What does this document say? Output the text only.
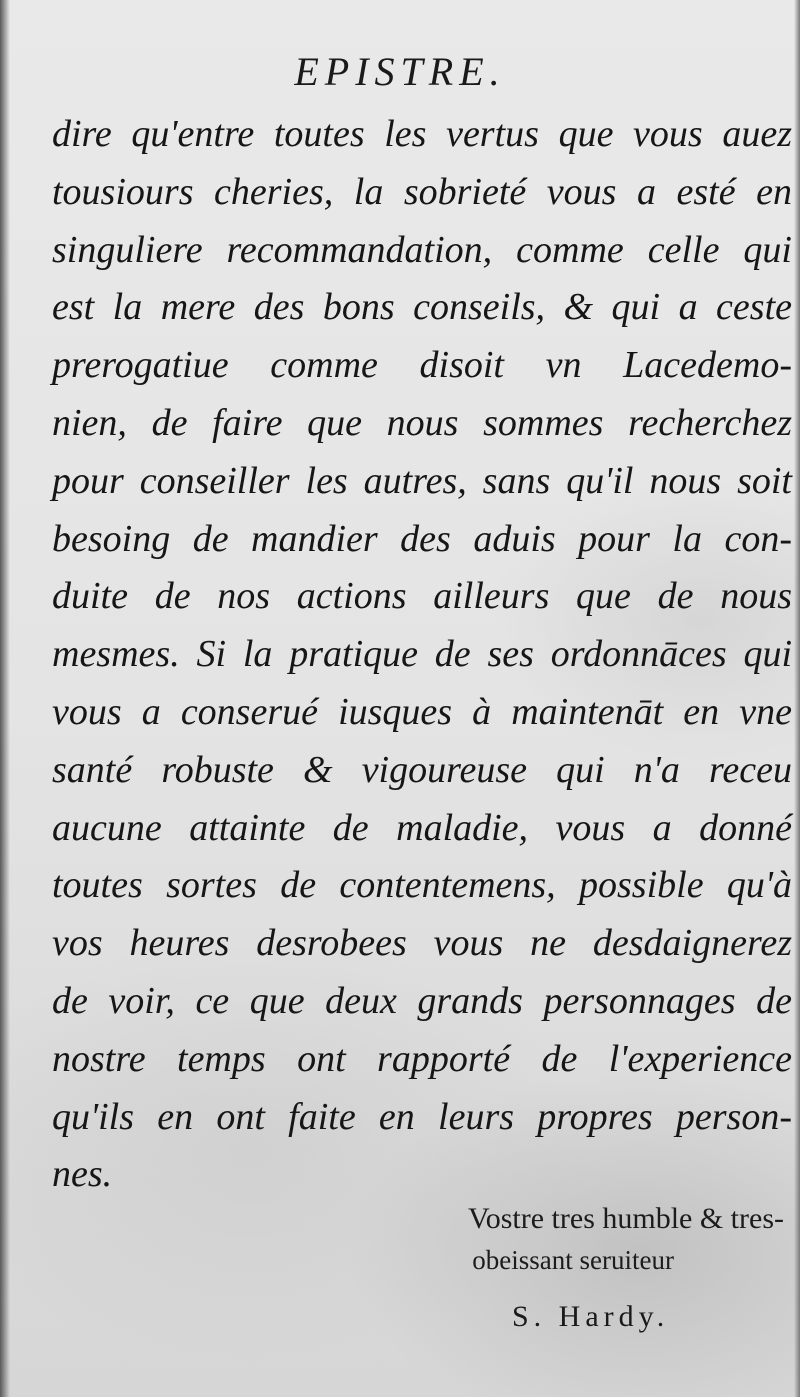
EPISTRE.
dire qu'entre toutes les vertus que vous auez
tousiours cheries, la sobrieté vous a esté en
singuliere recommandation, comme celle qui
est la mere des bons conseils, & qui a ceste
prerogatiue comme disoit vn Lacedemo-
nien, de faire que nous sommes recherchez
pour conseiller les autres, sans qu'il nous soit
besoing de mandier des aduis pour la con-
duite de nos actions ailleurs que de nous
mesmes. Si la pratique de ses ordonnāces qui
vous a conserué iusques à maintenāt en vne
santé robuste & vigoureuse qui n'a receu
aucune attainte de maladie, vous a donné
toutes sortes de contentemens, possible qu'à
vos heures desrobees vous ne desdaignerez
de voir, ce que deux grands personnages de
nostre temps ont rapporté de l'experience
qu'ils en ont faite en leurs propres person-
nes.
Vostre tres humble & tres-
obeissant seruiteur
S. Hardy.
